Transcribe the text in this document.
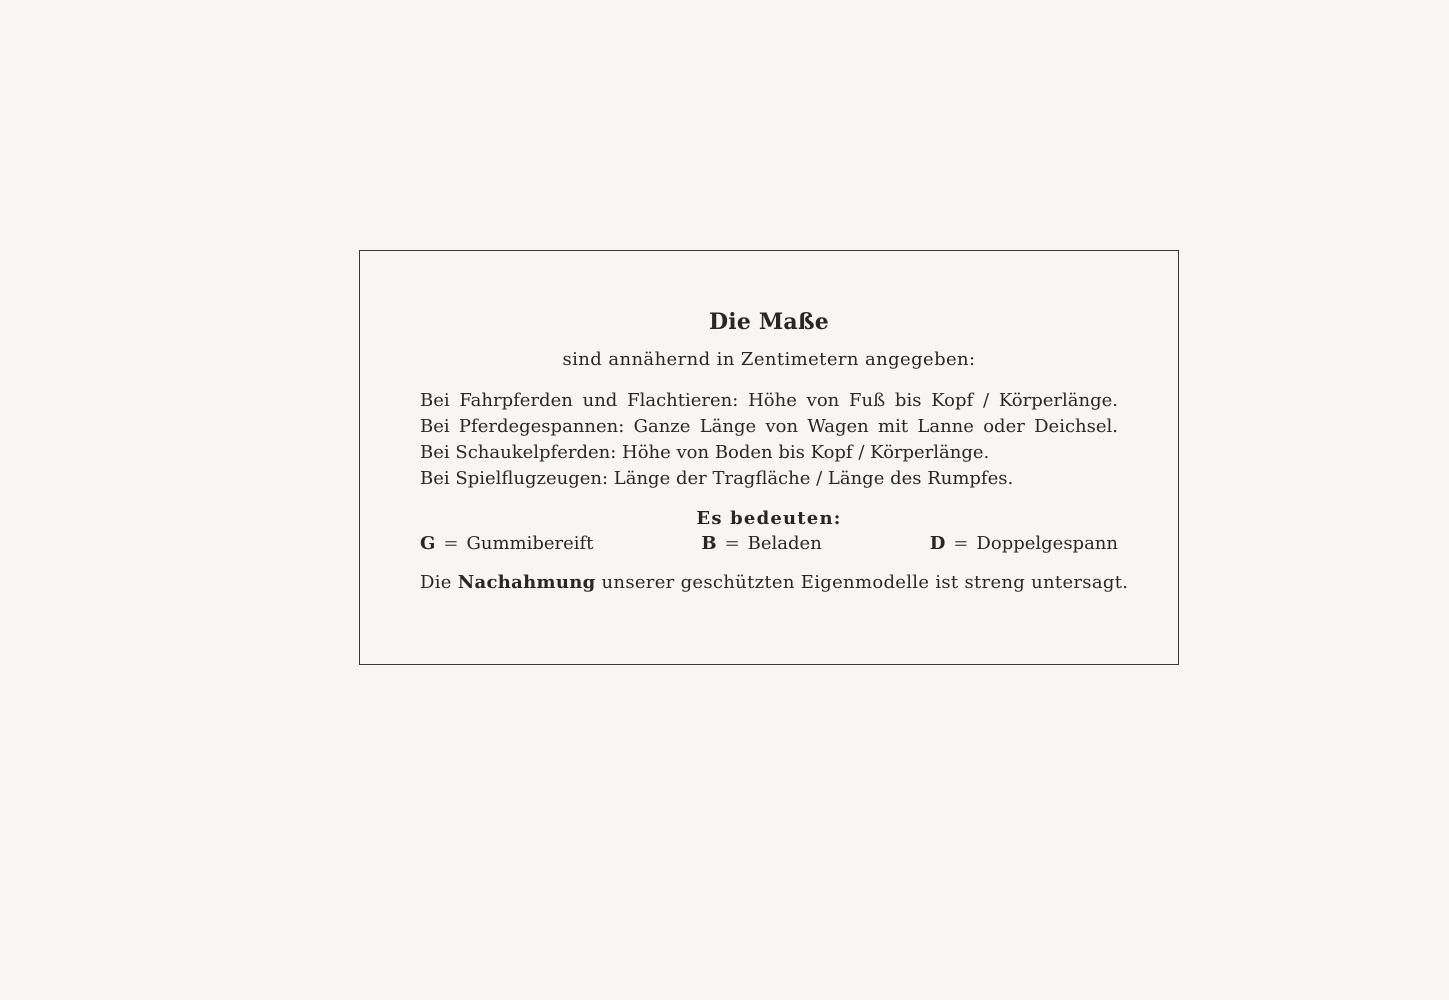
Die Maße
sind annähernd in Zentimetern angegeben:
Bei Fahrpferden und Flachtieren: Höhe von Fuß bis Kopf / Körperlänge.
Bei Pferdegespannen: Ganze Länge von Wagen mit Lanne oder Deichsel.
Bei Schaukelpferden: Höhe von Boden bis Kopf / Körperlänge.
Bei Spielflugzeugen: Länge der Tragfläche / Länge des Rumpfes.
Es bedeuten:
G = Gummibereift	B = Beladen	D = Doppelgespann
Die Nachahmung unserer geschützten Eigenmodelle ist streng untersagt.
